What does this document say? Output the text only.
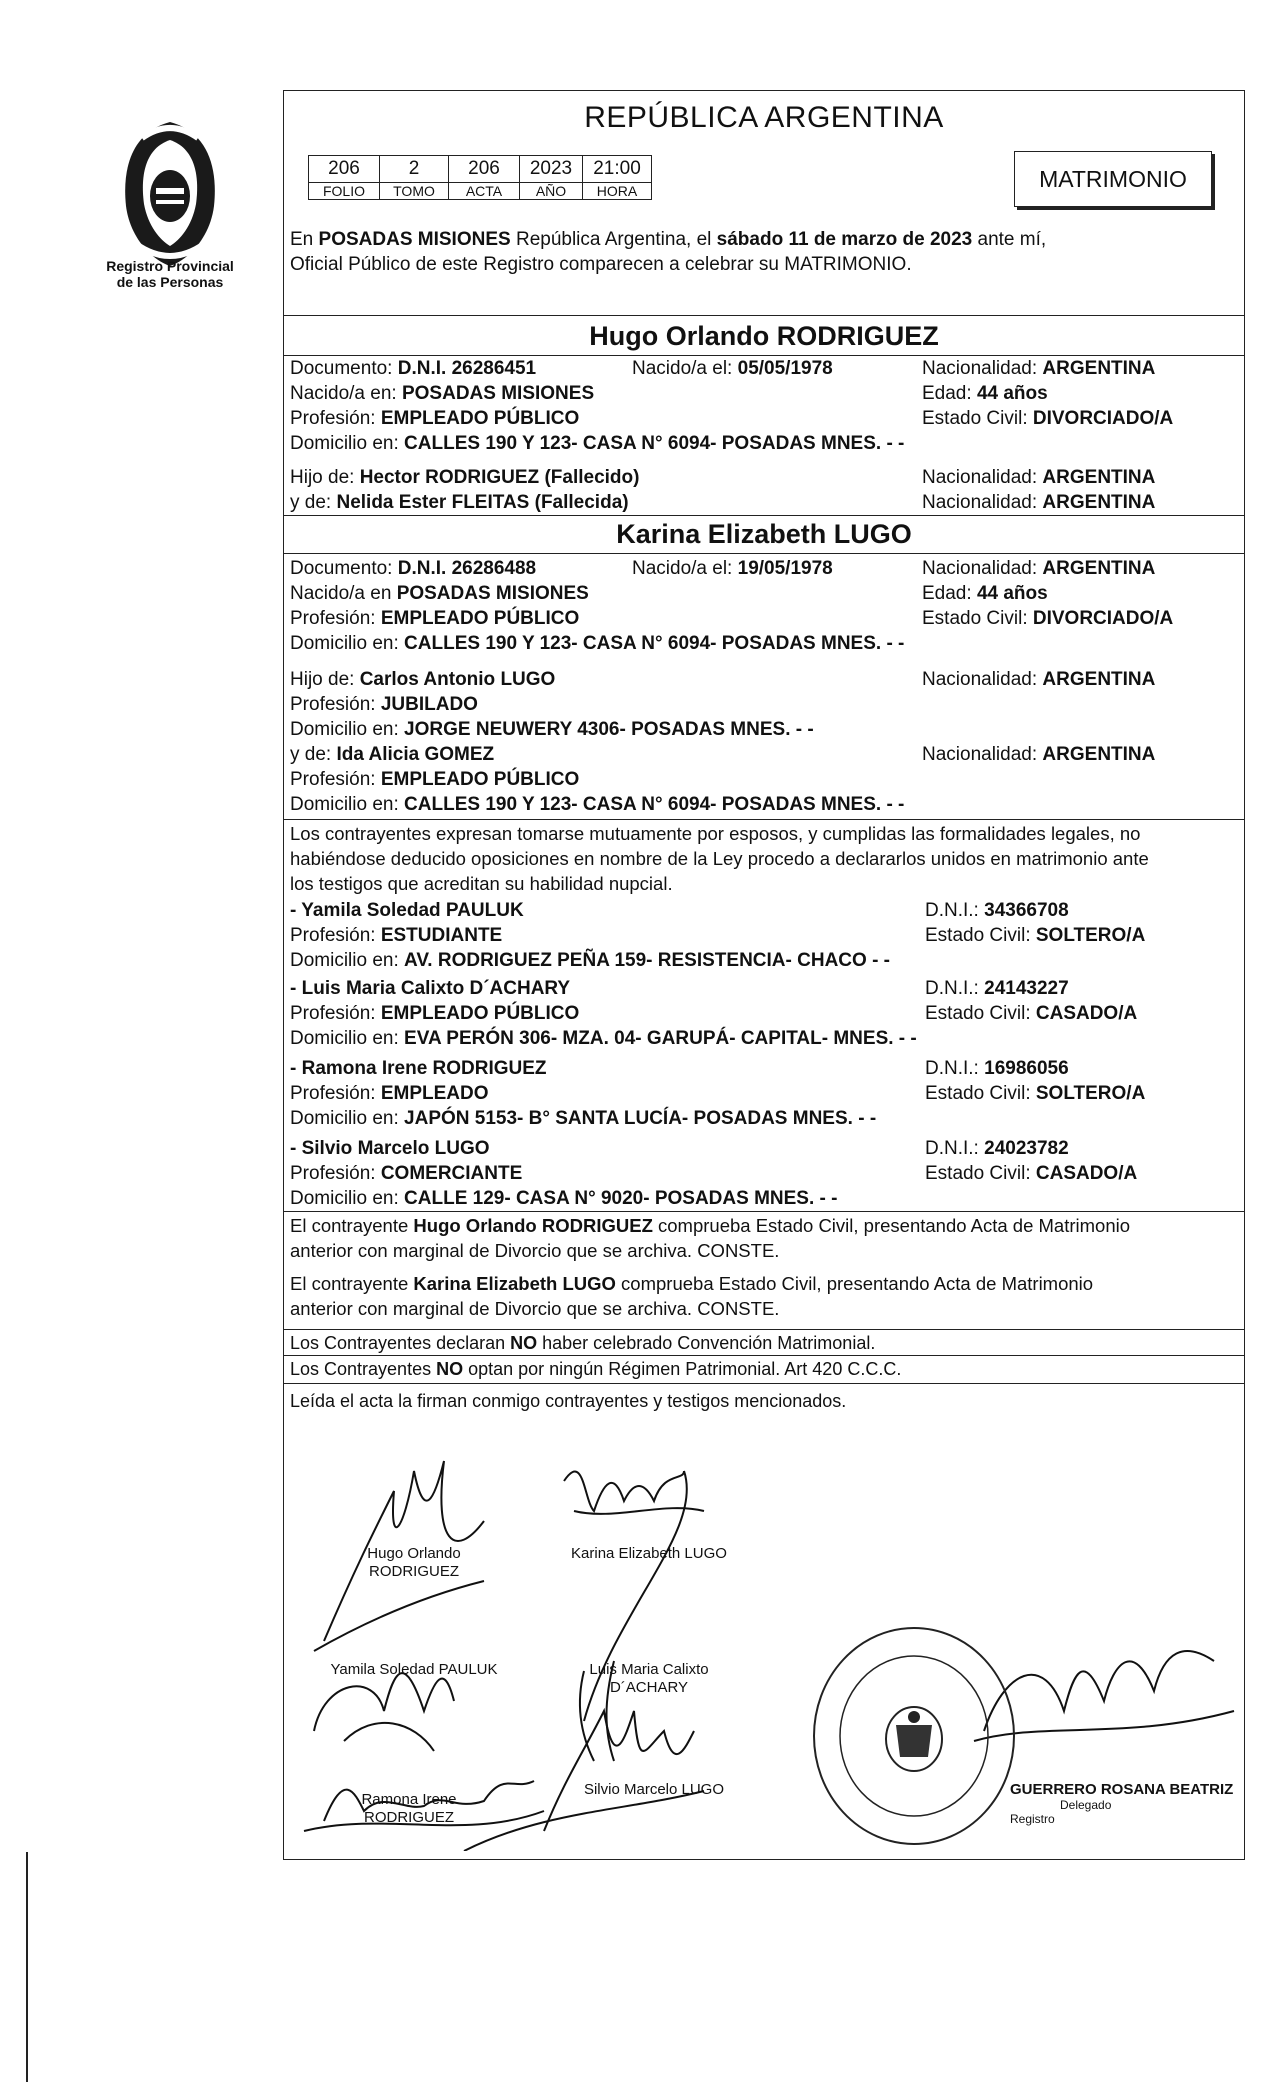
Registro Provincial
de las Personas
REPÚBLICA ARGENTINA
206	2	206	2023	21:00
FOLIO	TOMO	ACTA	AÑO	HORA	MATRIMONIO
En POSADAS MISIONES República Argentina, el sábado 11 de marzo de 2023 ante mí,
Oficial Público de este Registro comparecen a celebrar su MATRIMONIO.
Hugo Orlando RODRIGUEZ
Documento: D.N.I. 26286451	Nacido/a el: 05/05/1978	Nacionalidad: ARGENTINA
Nacido/a en: POSADAS MISIONES	Edad: 44 años
Profesión: EMPLEADO PÚBLICO	Estado Civil: DIVORCIADO/A
Domicilio en: CALLES 190 Y 123- CASA N° 6094- POSADAS MNES. - -
Hijo de: Hector RODRIGUEZ (Fallecido)	Nacionalidad: ARGENTINA
y de: Nelida Ester FLEITAS (Fallecida)	Nacionalidad: ARGENTINA
Karina Elizabeth LUGO
Documento: D.N.I. 26286488	Nacido/a el: 19/05/1978	Nacionalidad: ARGENTINA
Nacido/a en POSADAS MISIONES	Edad: 44 años
Profesión: EMPLEADO PÚBLICO	Estado Civil: DIVORCIADO/A
Domicilio en: CALLES 190 Y 123- CASA N° 6094- POSADAS MNES. - -
Hijo de: Carlos Antonio LUGO	Nacionalidad: ARGENTINA
Profesión: JUBILADO
Domicilio en: JORGE NEUWERY 4306- POSADAS MNES. - -
y de: Ida Alicia GOMEZ	Nacionalidad: ARGENTINA
Profesión: EMPLEADO PÚBLICO
Domicilio en: CALLES 190 Y 123- CASA N° 6094- POSADAS MNES. - -
Los contrayentes expresan tomarse mutuamente por esposos, y cumplidas las formalidades legales, no
habiéndose deducido oposiciones en nombre de la Ley procedo a declararlos unidos en matrimonio ante
los testigos que acreditan su habilidad nupcial.
- Yamila Soledad PAULUK	D.N.I.: 34366708
Profesión: ESTUDIANTE	Estado Civil: SOLTERO/A
Domicilio en: AV. RODRIGUEZ PEÑA 159- RESISTENCIA- CHACO - -
- Luis Maria Calixto D´ACHARY	D.N.I.: 24143227
Profesión: EMPLEADO PÚBLICO	Estado Civil: CASADO/A
Domicilio en: EVA PERÓN 306- MZA. 04- GARUPÁ- CAPITAL- MNES. - -
- Ramona Irene RODRIGUEZ	D.N.I.: 16986056
Profesión: EMPLEADO	Estado Civil: SOLTERO/A
Domicilio en: JAPÓN 5153- B° SANTA LUCÍA- POSADAS MNES. - -
- Silvio Marcelo LUGO	D.N.I.: 24023782
Profesión: COMERCIANTE	Estado Civil: CASADO/A
Domicilio en: CALLE 129- CASA N° 9020- POSADAS MNES. - -
El contrayente Hugo Orlando RODRIGUEZ comprueba Estado Civil, presentando Acta de Matrimonio
anterior con marginal de Divorcio que se archiva. CONSTE.
El contrayente Karina Elizabeth LUGO comprueba Estado Civil, presentando Acta de Matrimonio
anterior con marginal de Divorcio que se archiva. CONSTE.
Los Contrayentes declaran NO haber celebrado Convención Matrimonial.
Los Contrayentes NO optan por ningún Régimen Patrimonial. Art 420 C.C.C.
Leída el acta la firman conmigo contrayentes y testigos mencionados.
Hugo Orlando
RODRIGUEZ
Karina Elizabeth LUGO
Yamila Soledad PAULUK	Luis Maria Calixto
D´ACHARY
Ramona Irene
RODRIGUEZ
Silvio Marcelo LUGO	GUERRERO ROSANA BEATRIZ
Delegado
Registro
